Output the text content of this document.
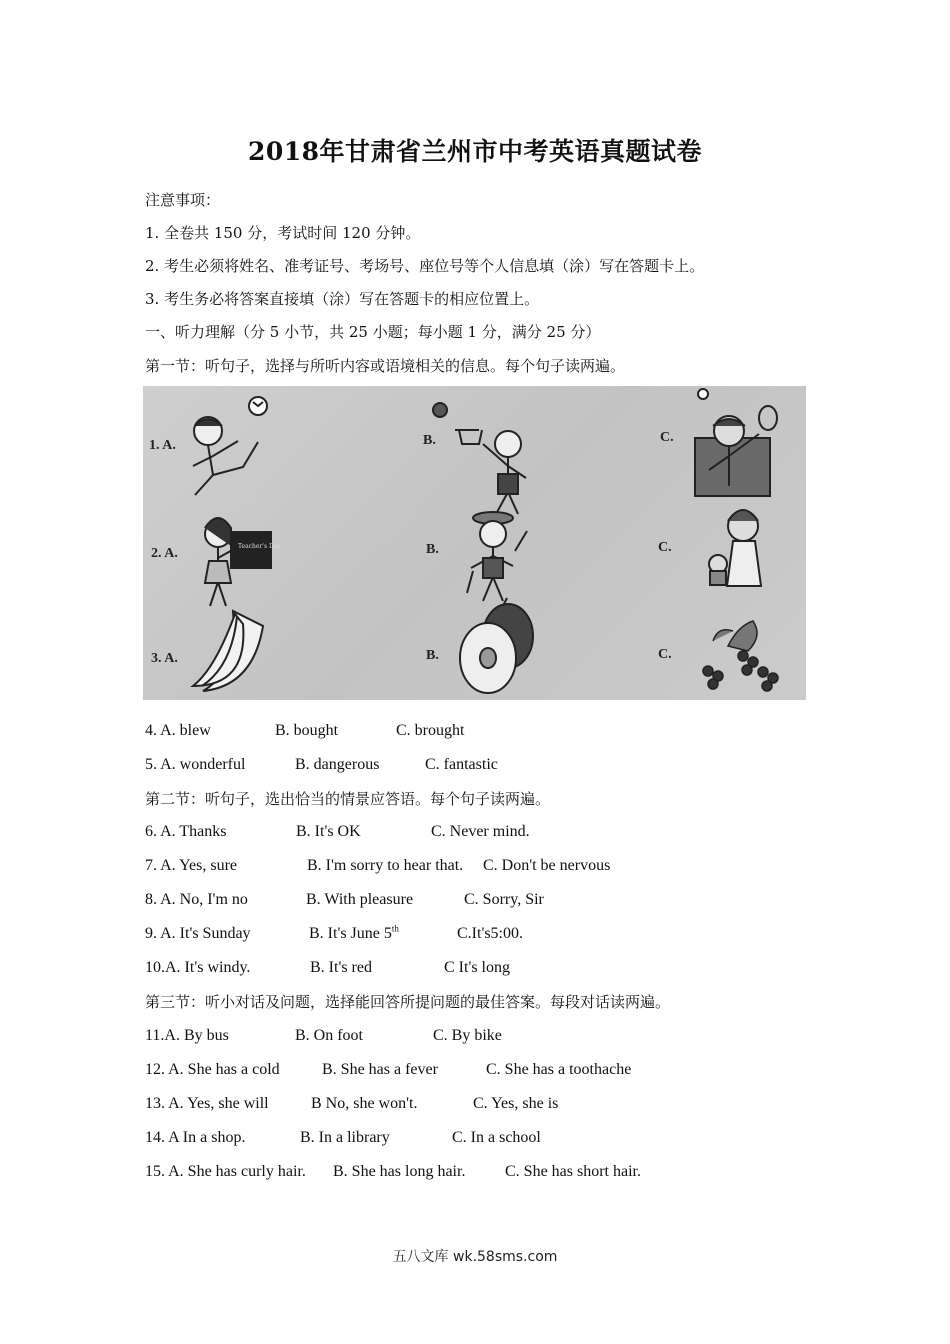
2018年甘肃省兰州市中考英语真题试卷
注意事项：
1. 全卷共 150 分，考试时间 120 分钟。
2. 考生必须将姓名、准考证号、考场号、座位号等个人信息填（涂）写在答题卡上。
3. 考生务必将答案直接填（涂）写在答题卡的相应位置上。
一、听力理解（分 5 小节，共 25 小题；每小题 1 分，满分 25 分）
第一节：听句子，选择与所听内容或语境相关的信息。每个句子读两遍。
Teacher's Day
1. A.	B.	C.
2. A.	B.	C.
3. A.	B.	C.
4. A. blew	B. bought	C. brought
5. A. wonderful	B. dangerous	C. fantastic
第二节：听句子，选出恰当的情景应答语。每个句子读两遍。
6. A. Thanks	B. It's OK	C. Never mind.
7. A. Yes, sure	B. I'm sorry to hear that. C. Don't be nervous
8. A. No, I'm no	B. With pleasure	C. Sorry, Sir
9. A. It's Sunday	B. It's June 5th	C.It's5:00.
10.A. It's windy.	B. It's red	C It's long
第三节：听小对话及问题，选择能回答所提问题的最佳答案。每段对话读两遍。
11.A. By bus	B. On foot	C. By bike
12. A. She has a cold	B. She has a fever	C. She has a toothache
13. A. Yes, she will	B No, she won't.	C. Yes, she is
14. A In a shop.	B. In a library	C. In a school
15. A. She has curly hair. B. She has long hair. C. She has short hair.
五八文库 wk.58sms.com
